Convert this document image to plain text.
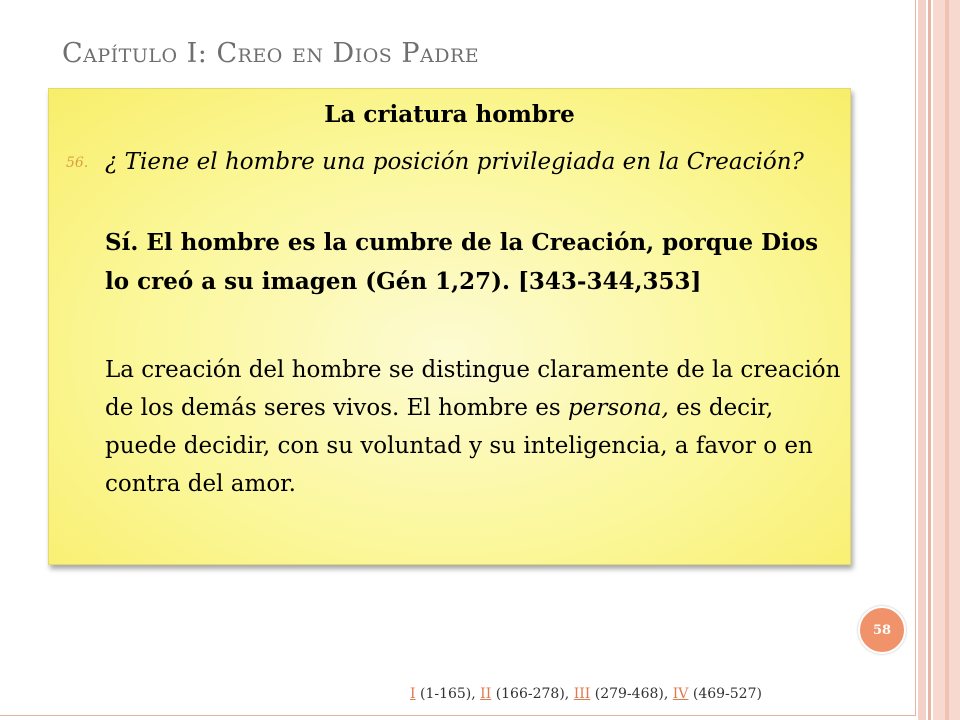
Capítulo I: Creo en Dios Padre
La criatura hombre
56. ¿ Tiene el hombre una posición privilegiada en la Creación?
Sí. El hombre es la cumbre de la Creación, porque Dios lo creó a su imagen (Gén 1,27). [343-344,353]
La creación del hombre se distingue claramente de la creación de los demás seres vivos. El hombre es persona, es decir, puede decidir, con su voluntad y su inteligencia, a favor o en contra del amor.
58
I (1-165), II (166-278), III (279-468), IV (469-527)
